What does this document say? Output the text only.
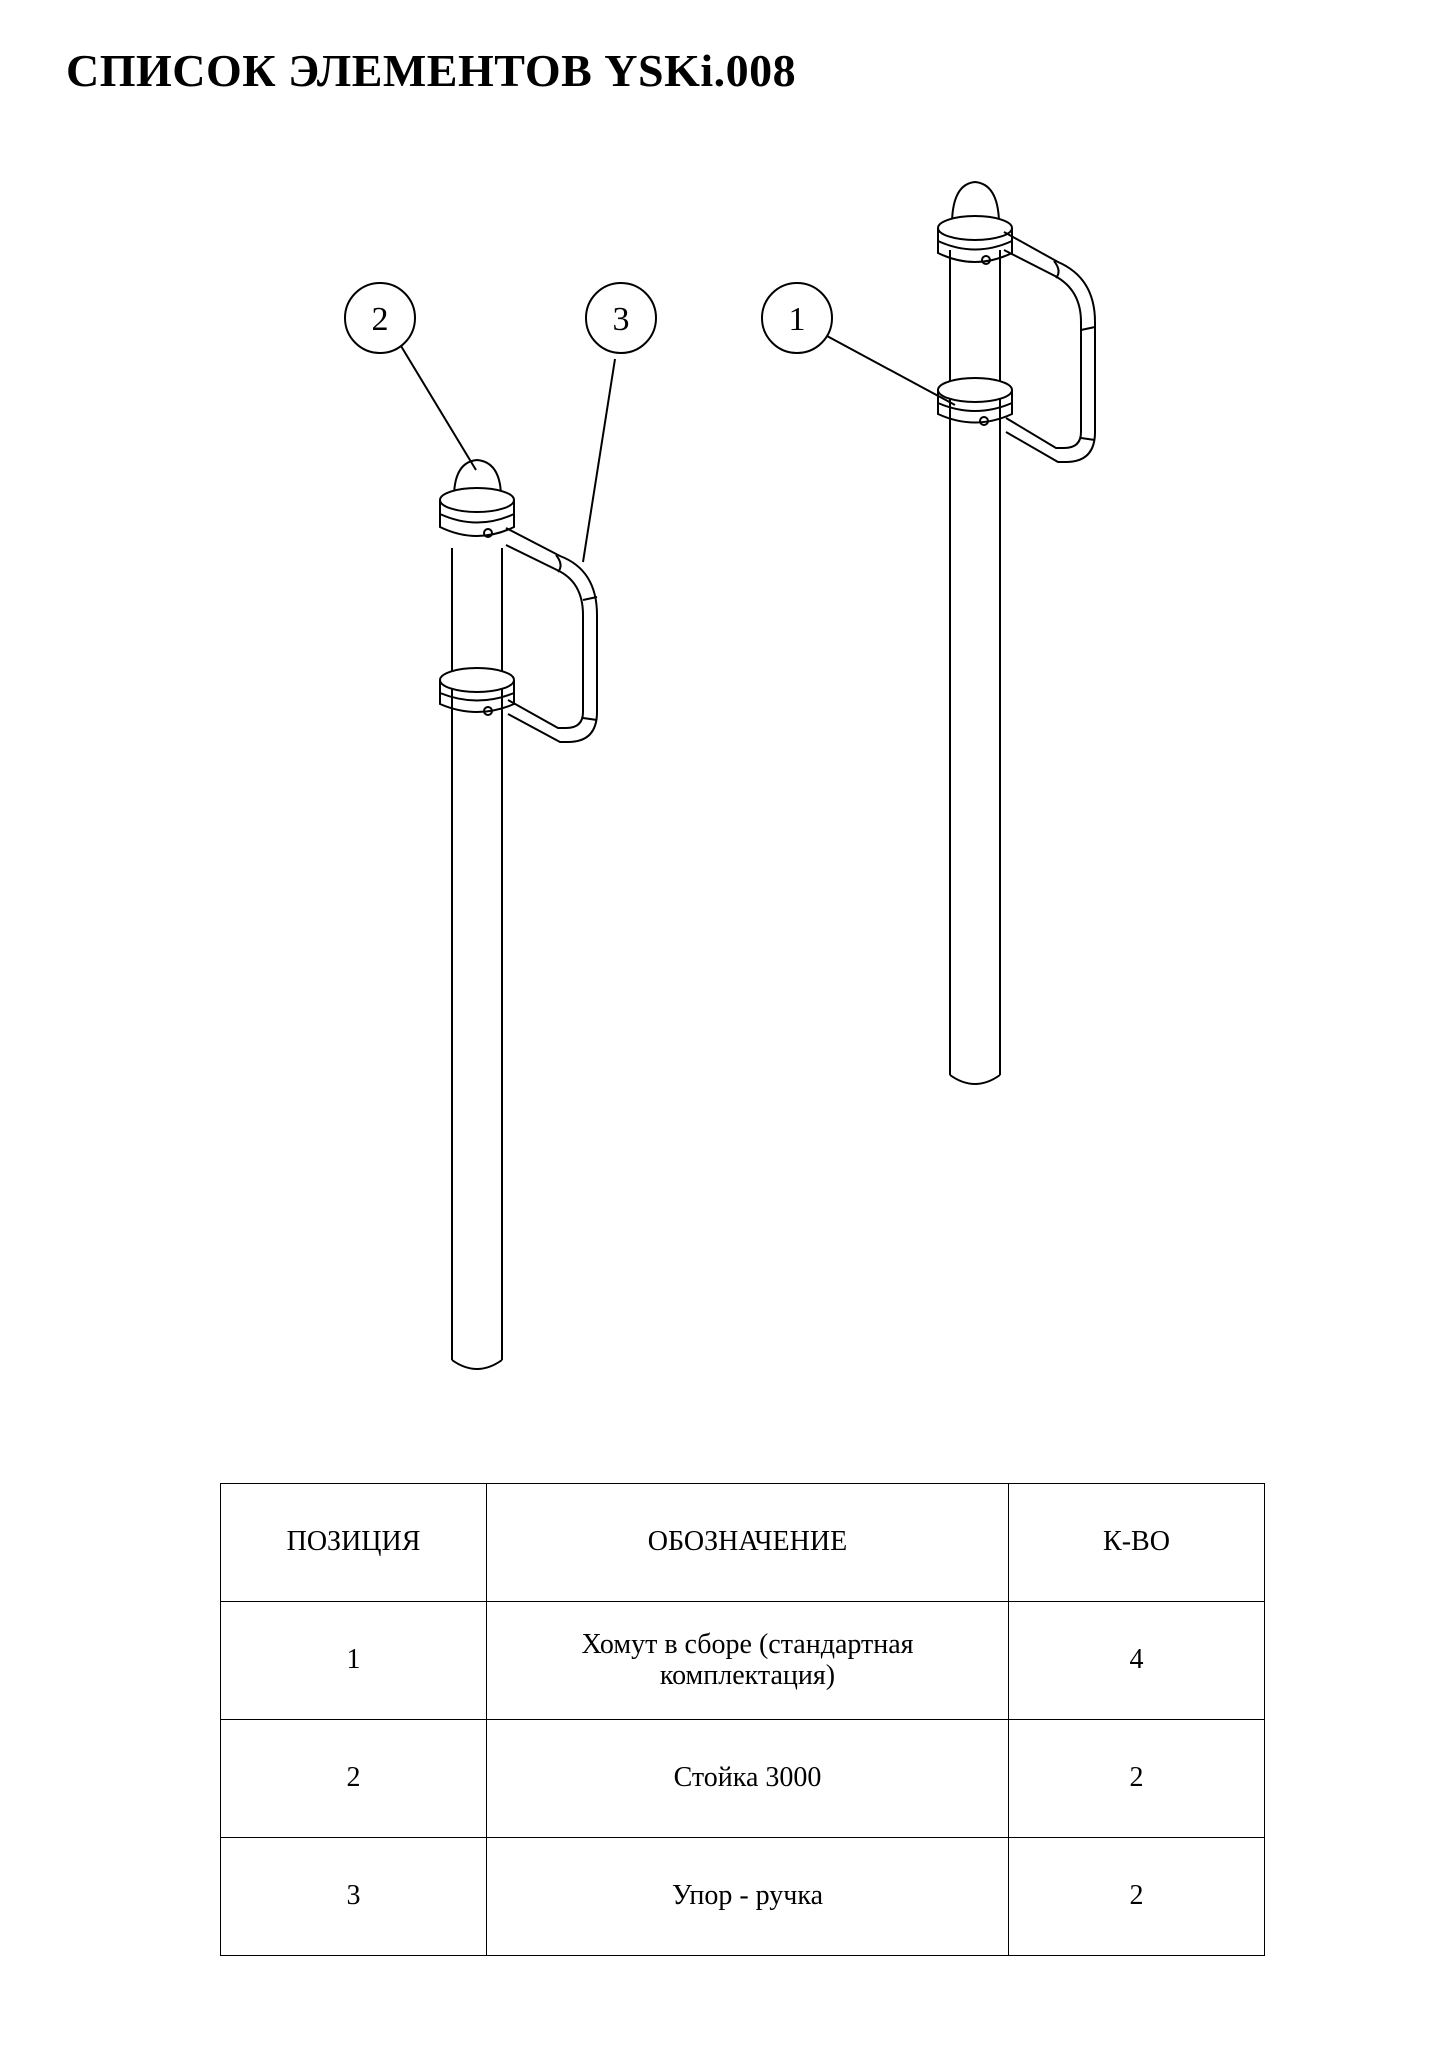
СПИСОК ЭЛЕМЕНТОВ YSKi.008
2	3	1
ПОЗИЦИЯ	ОБОЗНАЧЕНИЕ	К-ВО
1	Хомут в сборе (стандартная комплектация)	4
2	Стойка 3000	2
3	Упор - ручка	2
